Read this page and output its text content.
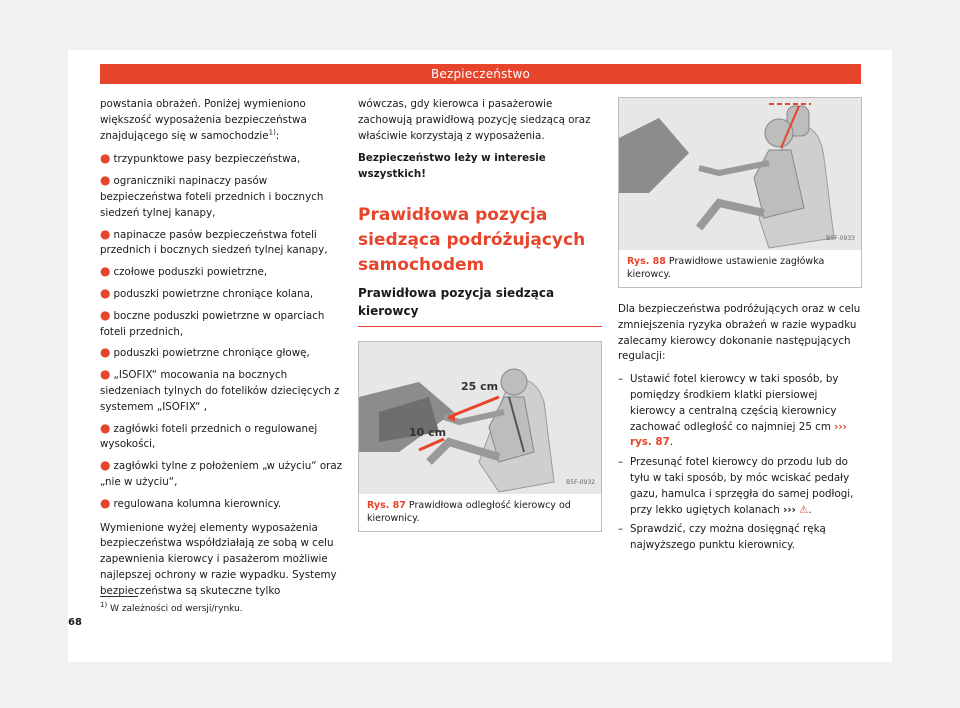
Bezpieczeństwo

powstania obrażeń. Poniżej wymieniono większość wyposażenia bezpieczeństwa znajdującego się w samochodzie$^{1)}$:

● trzypunktowe pasy bezpieczeństwa,
● ograniczniki napinaczy pasów bezpieczeństwa foteli przednich i bocznych siedzeń tylnej kanapy,
● napinacze pasów bezpieczeństwa foteli przednich i bocznych siedzeń tylnej kanapy,
● czołowe poduszki powietrzne,
● poduszki powietrzne chroniące kolana,
● boczne poduszki powietrzne w oparciach foteli przednich,
● poduszki powietrzne chroniące głowę,
● „ISOFIX“ mocowania na bocznych siedzeniach tylnych do fotelików dziecięcych z systemem „ISOFIX“ ,
● zagłówki foteli przednich o regulowanej wysokości,
● zagłówki tylne z położeniem „w użyciu“ oraz „nie w użyciu“,
● regulowana kolumna kierownicy.

Wymienione wyżej elementy wyposażenia bezpieczeństwa współdziałają ze sobą w celu zapewnienia kierowcy i pasażerom możliwie najlepszej ochrony w razie wypadku. Systemy bezpieczeństwa są skuteczne tylko

wówczas, gdy kierowca i pasażerowie zachowują prawidłową pozycję siedzącą oraz właściwie korzystają z wyposażenia.

Bezpieczeństwo leży w interesie wszystkich!

Prawidłowa pozycja siedząca podróżujących samochodem
Prawidłowa pozycja siedząca kierowcy
25 cm
10 cm
B5F-0932
Rys. 87 Prawidłowa odległość kierowcy od kierownicy.
B5F-0933
Rys. 88 Prawidłowe ustawienie zagłówka kierowcy.

Dla bezpieczeństwa podróżujących oraz w celu zmniejszenia ryzyka obrażeń w razie wypadku zalecamy kierowcy dokonanie następujących regulacji:

– Ustawić fotel kierowcy w taki sposób, by pomiędzy środkiem klatki piersiowej kierowcy a centralną częścią kierownicy zachować odległość co najmniej 25 cm ››› rys. 87.
– Przesunąć fotel kierowcy do przodu lub do tyłu w taki sposób, by móc wciskać pedały gazu, hamulca i sprzęgła do samej podłogi, przy lekko ugiętych kolanach ››› ⚠.
– Sprawdzić, czy można dosięgnąć ręką najwyższego punktu kierownicy.
$^{1)}$ W zależności od wersji/rynku.
68
